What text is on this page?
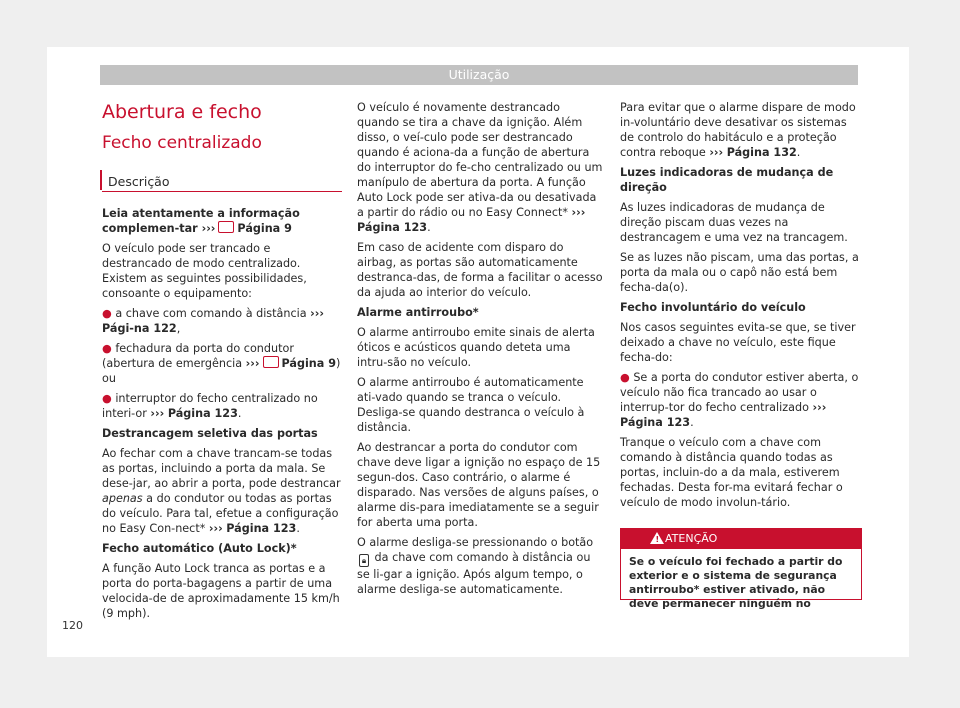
Utilização
Abertura e fecho
Fecho centralizado
Descrição

Leia atentamente a informação complemen-tar ››› Página 9

O veículo pode ser trancado e destrancado de modo centralizado. Existem as seguintes possibilidades, consoante o equipamento:

● a chave com comando à distância ››› Pági-na 122,

● fechadura da porta do condutor (abertura de emergência ››› Página 9) ou

● interruptor do fecho centralizado no interi-or ››› Página 123.

Destrancagem seletiva das portas

Ao fechar com a chave trancam-se todas as portas, incluindo a porta da mala. Se dese-jar, ao abrir a porta, pode destrancar apenas a do condutor ou todas as portas do veículo. Para tal, efetue a configuração no Easy Con-nect* ››› Página 123.

Fecho automático (Auto Lock)*

A função Auto Lock tranca as portas e a porta do porta-bagagens a partir de uma velocida-de de aproximadamente 15 km/h (9 mph).

O veículo é novamente destrancado quando se tira a chave da ignição. Além disso, o veí-culo pode ser destrancado quando é aciona-da a função de abertura do interruptor do fe-cho centralizado ou um manípulo de abertura da porta. A função Auto Lock pode ser ativa-da ou desativada a partir do rádio ou no Easy Connect* ››› Página 123.

Em caso de acidente com disparo do airbag, as portas são automaticamente destranca-das, de forma a facilitar o acesso da ajuda ao interior do veículo.

Alarme antirroubo*

O alarme antirroubo emite sinais de alerta óticos e acústicos quando deteta uma intru-são no veículo.

O alarme antirroubo é automaticamente ati-vado quando se tranca o veículo. Desliga-se quando destranca o veículo à distância.

Ao destrancar a porta do condutor com chave deve ligar a ignição no espaço de 15 segun-dos. Caso contrário, o alarme é disparado. Nas versões de alguns países, o alarme dis-para imediatamente se a seguir for aberta uma porta.

O alarme desliga-se pressionando o botão 🔒︎ da chave com comando à distância ou se li-gar a ignição. Após algum tempo, o alarme desliga-se automaticamente.

Para evitar que o alarme dispare de modo in-voluntário deve desativar os sistemas de controlo do habitáculo e a proteção contra reboque ››› Página 132.

Luzes indicadoras de mudança de direção

As luzes indicadoras de mudança de direção piscam duas vezes na destrancagem e uma vez na trancagem.

Se as luzes não piscam, uma das portas, a porta da mala ou o capô não está bem fecha-da(o).

Fecho involuntário do veículo

Nos casos seguintes evita-se que, se tiver deixado a chave no veículo, este fique fecha-do:

● Se a porta do condutor estiver aberta, o veículo não fica trancado ao usar o interrup-tor do fecho centralizado ››› Página 123.

Tranque o veículo com a chave com comando à distância quando todas as portas, incluin-do a da mala, estiverem fechadas. Desta for-ma evitará fechar o veículo de modo involun-tário.

! ATENÇÃO
Se o veículo foi fechado a partir do exterior e o sistema de segurança antirroubo* estiver ativado, não deve permanecer ninguém no
120
